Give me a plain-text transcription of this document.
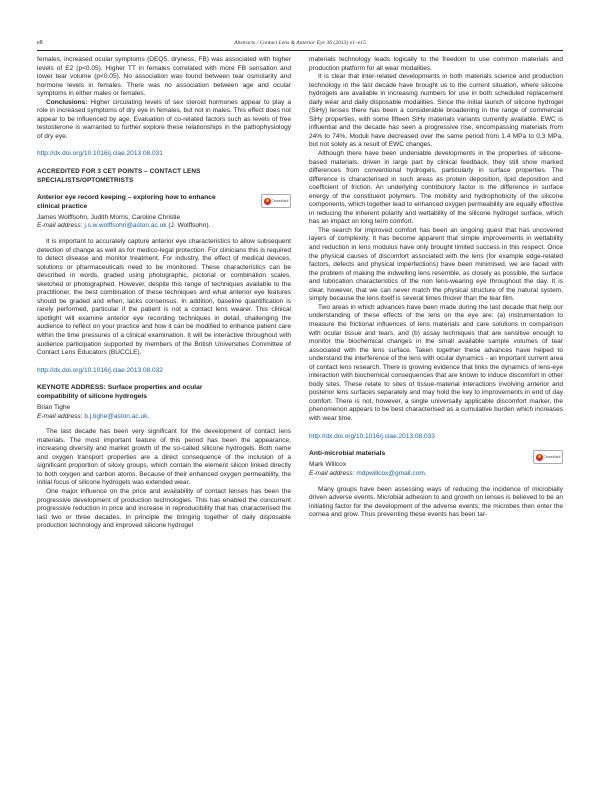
e8	Abstracts / Contact Lens & Anterior Eye 36 (2013) e1–e15

females, increased ocular symptoms (DEQ5, dryness, FB) was associated with higher levels of E2 (p<0.05). Higher TT in females correlated with more FB sensation and lower tear volume (p<0.05). No association was found between tear osmolarity and hormone levels in females. There was no association between age and ocular symptoms in either males or females.

Conclusions: Higher circulating levels of sex steroid hormones appear to play a role in increased symptoms of dry eye in females, but not in males. This effect does not appear to be influenced by age. Evaluation of co-related factors such as levels of free testosterone is warranted to further explore these relationships in the pathophysiology of dry eye.

http://dx.doi.org/10.1016/j.clae.2013.08.031
ACCREDITED FOR 3 CET POINTS – CONTACT LENS SPECIALISTS/OPTOMETRISTS
Anterior eye record keeping – exploring how to enhance clinical practice
CrossMark
James Wolffsohn, Judith Morris, Caroline Christie
E-mail address: j.s.w.wolffsohn@aston.ac.uk (J. Wolffsohn).

It is important to accurately capture anterior eye characteristics to allow subsequent detection of change as well as for medico-legal protection. For clinicians this is required to detect disease and monitor treatment. For industry, the effect of medical devices, solutions or pharmaceuticals need to be monitored. These characteristics can be described in words, graded using photographic, pictorial or combination scales, sketched or photographed. However, despite this range of techniques available to the practitioner, the best combination of these techniques and what anterior eye features should be graded and when, lacks consensus. In addition, baseline quantification is rarely performed, particular if the patient is not a contact lens wearer. This clinical spotlight will examine anterior eye recording techniques in detail, challenging the audience to reflect on your practice and how it can be modified to enhance patient care within the time pressures of a clinical examination. It will be interactive throughout with audience participation supported by members of the British Universities Committee of Contact Lens Educators (BUCCLE).

http://dx.doi.org/10.1016/j.clae.2013.08.032
KEYNOTE ADDRESS: Surface properties and ocular compatibility of silicone hydrogels
Brian Tighe
E-mail address: b.j.tighe@aston.ac.uk.

The last decade has been very significant for the development of contact lens materials. The most important feature of this period has been the appearance, increasing diversity and market growth of the so-called silicone hydrogels. Both name and oxygen transport properties are a direct consequence of the inclusion of a significant proportion of siloxy groups, which contain the element silicon linked directly to both oxygen and carbon atoms. Because of their enhanced oxygen permeability, the initial focus of silicone hydrogels was extended wear.

One major influence on the price and availability of contact lenses has been the progressive development of production technologies. This has enabled the concurrent progressive reduction in price and increase in reproducibility that has characterised the last two or three decades. In principle the bringing together of daily disposable production technology and improved silicone hydrogel

materials technology leads logically to the freedom to use common materials and production platform for all wear modalities.

It is clear that inter-related developments in both materials science and production technology in the last decade have brought us to the current situation, where silicone hydrogels are available in increasing numbers for use in both scheduled replacement daily wear and daily disposable modalities. Since the initial launch of silicone hydrogel (SiHy) lenses there has been a considerable broadening in the range of commercial SiHy properties, with some fifteen SiHy materials variants currently available. EWC is influential and the decade has seen a progressive rise, encompassing materials from 24% to 74%. Moduli have decreased over the same period from 1.4 MPa to 0.3 MPa, but not solely as a result of EWC changes.

Although there have been undeniable developments in the properties of silicone-based materials, driven in large part by clinical feedback, they still show marked differences from conventional hydrogels, particularly in surface properties. The difference is characterised in such areas as protein deposition, lipid deposition and coefficient of friction. An underlying contributory factor is the difference in surface energy of the constituent polymers. The mobility and hydrophobicity of the silicone components, which together lead to enhanced oxygen permeability are equally effective in reducing the inherent polarity and wettability of the silicone hydrogel surface, which has an impact on long term comfort.

The search for improved comfort has been an ongoing quest that has uncovered layers of complexity. It has become apparent that simple improvements in wettability and reduction in lens modulus have only brought limited success in this respect. Once the physical causes of discomfort associated with the lens (for example edge-related factors, defects and physical imperfections) have been minimised, we are faced with the problem of making the indwelling lens resemble, as closely as possible, the surface and lubrication characteristics of the non lens-wearing eye throughout the day. It is clear, however, that we can never match the physical structure of the natural system, simply because the lens itself is several times thicker than the tear film.

Two areas in which advances have been made during the last decade that help our understanding of these effects of the lens on the eye are: (a) instrumentation to measure the frictional influences of lens materials and care solutions in comparison with ocular tissue and tears, and (b) assay techniques that are sensitive enough to monitor the biochemical changes in the small available sample volumes of tear associated with the lens surface. Taken together these advances have helped to understand the interference of the lens with ocular dynamics - an important current area of contact lens research. There is growing evidence that links the dynamics of lens-eye interaction with biochemical consequences that are known to induce discomfort in other body sites. These relate to sites of tissue-material interactions involving anterior and posterior lens surfaces separately and may hold the key to improvements in end of day comfort. There is not, however, a single universally applicable discomfort marker, the phenomenon appears to be best characterised as a cumulative burden which increases with wear time.

http://dx.doi.org/10.1016/j.clae.2013.08.033
Anti-microbial materials	CrossMark
Mark Willcox
E-mail address: mdpwillcox@gmail.com.

Many groups have been assessing ways of reducing the incidence of microbially driven adverse events. Microbial adhesion to and growth on lenses is believed to be an initiating factor for the development of the adverse events; the microbes then enter the cornea and grow. Thus preventing these events has been tar-
